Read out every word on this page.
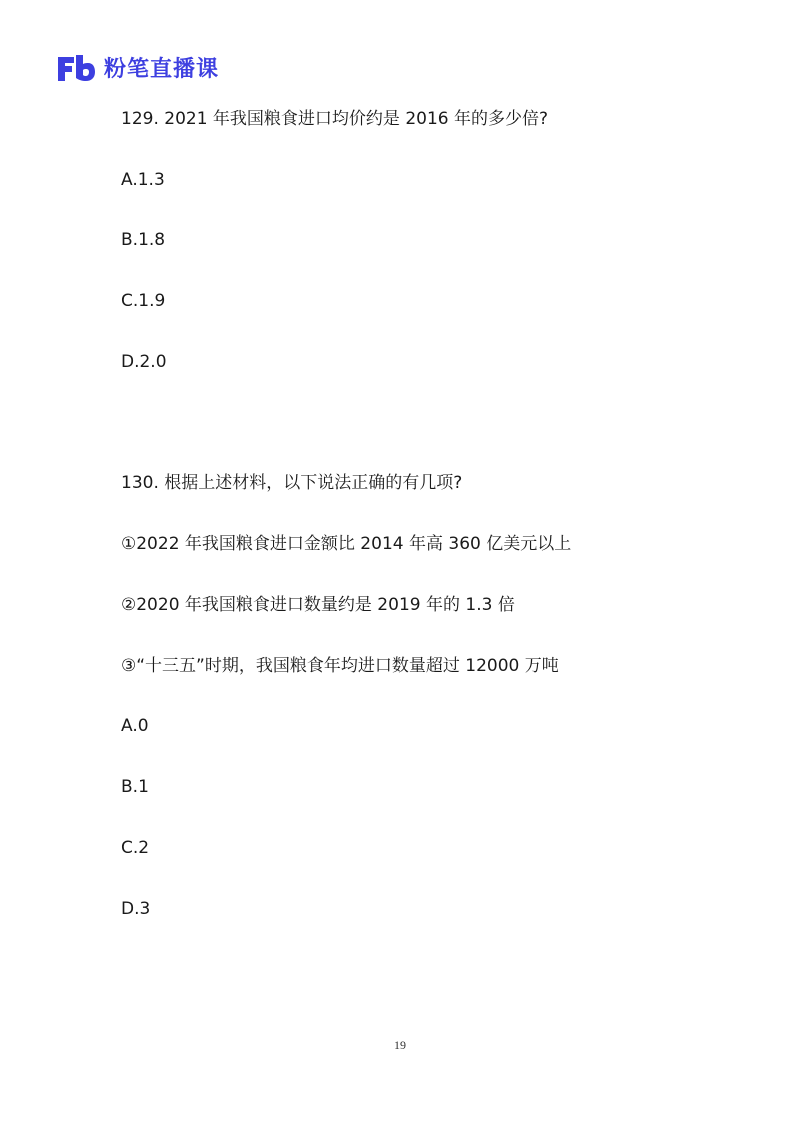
粉笔直播课
129. 2021 年我国粮食进口均价约是 2016 年的多少倍?
A.1.3
B.1.8
C.1.9
D.2.0
130. 根据上述材料，以下说法正确的有几项?
①2022 年我国粮食进口金额比 2014 年高 360 亿美元以上
②2020 年我国粮食进口数量约是 2019 年的 1.3 倍
③“十三五”时期，我国粮食年均进口数量超过 12000 万吨
A.0
B.1
C.2
D.3
19
